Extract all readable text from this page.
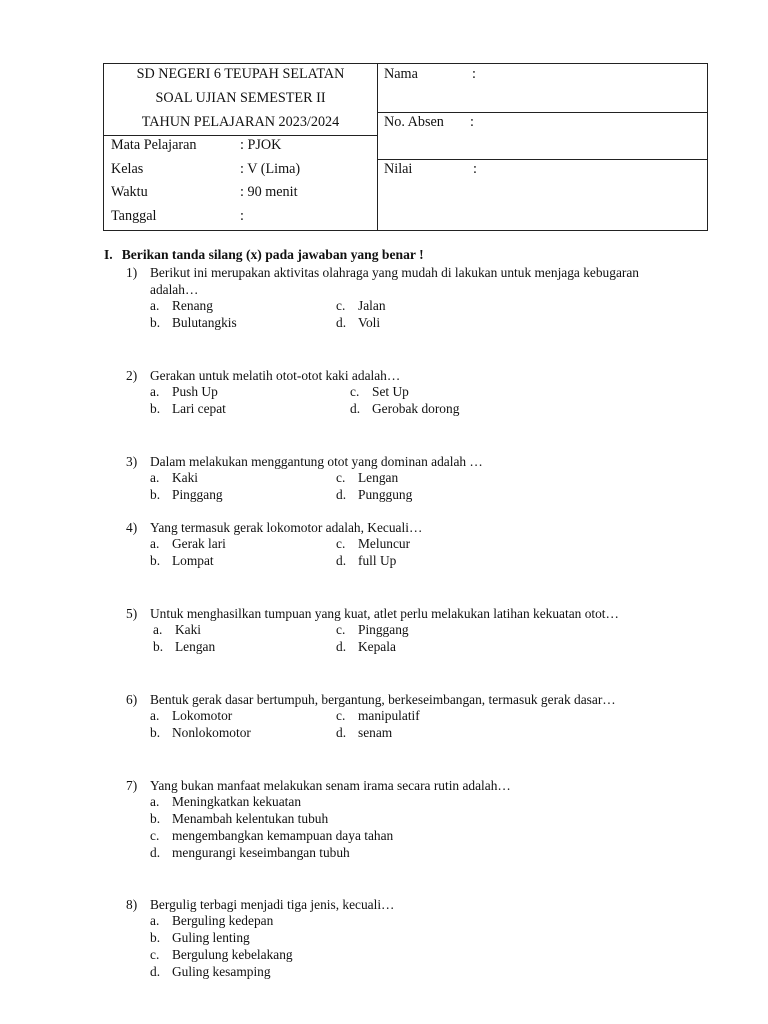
SD NEGERI 6 TEUPAH SELATAN
SOAL UJIAN SEMESTER II
TAHUN PELAJARAN 2023/2024
Mata Pelajaran	: PJOK
Kelas	: V (Lima)
Waktu	: 90 menit
Tanggal	:
Nama	:
No. Absen :
Nilai	:
I. Berikan tanda silang (x) pada jawaban yang benar !
1) Berikut ini merupakan aktivitas olahraga yang mudah di lakukan untuk menjaga kebugaran
adalah…
a. Renang
b. Bulutangkis
c. Jalan
d. Voli
2) Gerakan untuk melatih otot-otot kaki adalah…
a. Push Up
b. Lari cepat
c. Set Up
d. Gerobak dorong
3) Dalam melakukan menggantung otot yang dominan adalah …
a. Kaki
b. Pinggang
c. Lengan
d. Punggung
4) Yang termasuk gerak lokomotor adalah, Kecuali…
a. Gerak lari
b. Lompat
c. Meluncur
d. full Up
5) Untuk menghasilkan tumpuan yang kuat, atlet perlu melakukan latihan kekuatan otot…
a. Kaki
b. Lengan
c. Pinggang
d. Kepala
6) Bentuk gerak dasar bertumpuh, bergantung, berkeseimbangan, termasuk gerak dasar…
a. Lokomotor
b. Nonlokomotor
c. manipulatif
d. senam
7) Yang bukan manfaat melakukan senam irama secara rutin adalah…
a. Meningkatkan kekuatan
b. Menambah kelentukan tubuh
c. mengembangkan kemampuan daya tahan
d. mengurangi keseimbangan tubuh
8) Bergulig terbagi menjadi tiga jenis, kecuali…
a. Berguling kedepan
b. Guling lenting
c. Bergulung kebelakang
d. Guling kesamping
